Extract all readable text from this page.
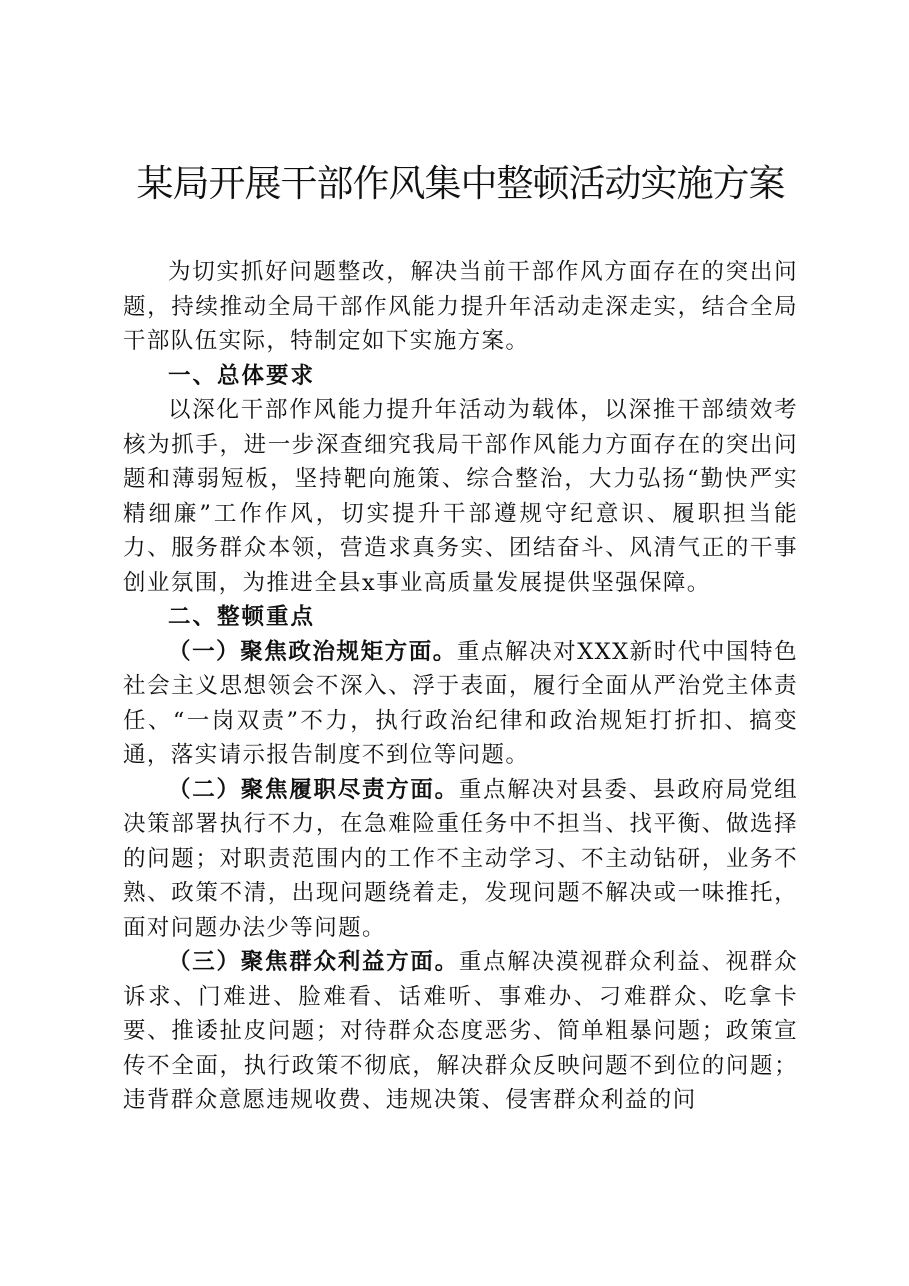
某局开展干部作风集中整顿活动实施方案

为切实抓好问题整改，解决当前干部作风方面存在的突出问题，持续推动全局干部作风能力提升年活动走深走实，结合全局干部队伍实际，特制定如下实施方案。

一、总体要求

以深化干部作风能力提升年活动为载体，以深推干部绩效考核为抓手，进一步深查细究我局干部作风能力方面存在的突出问题和薄弱短板，坚持靶向施策、综合整治，大力弘扬“勤快严实精细廉”工作作风，切实提升干部遵规守纪意识、履职担当能力、服务群众本领，营造求真务实、团结奋斗、风清气正的干事创业氛围，为推进全县x事业高质量发展提供坚强保障。

二、整顿重点

（一）聚焦政治规矩方面。重点解决对XXX新时代中国特色社会主义思想领会不深入、浮于表面，履行全面从严治党主体责任、“一岗双责”不力，执行政治纪律和政治规矩打折扣、搞变通，落实请示报告制度不到位等问题。

（二）聚焦履职尽责方面。重点解决对县委、县政府局党组决策部署执行不力，在急难险重任务中不担当、找平衡、做选择的问题；对职责范围内的工作不主动学习、不主动钻研，业务不熟、政策不清，出现问题绕着走，发现问题不解决或一味推托，面对问题办法少等问题。

（三）聚焦群众利益方面。重点解决漠视群众利益、视群众诉求、门难进、脸难看、话难听、事难办、刁难群众、吃拿卡要、推诿扯皮问题；对待群众态度恶劣、简单粗暴问题；政策宣传不全面，执行政策不彻底，解决群众反映问题不到位的问题；违背群众意愿违规收费、违规决策、侵害群众利益的问
